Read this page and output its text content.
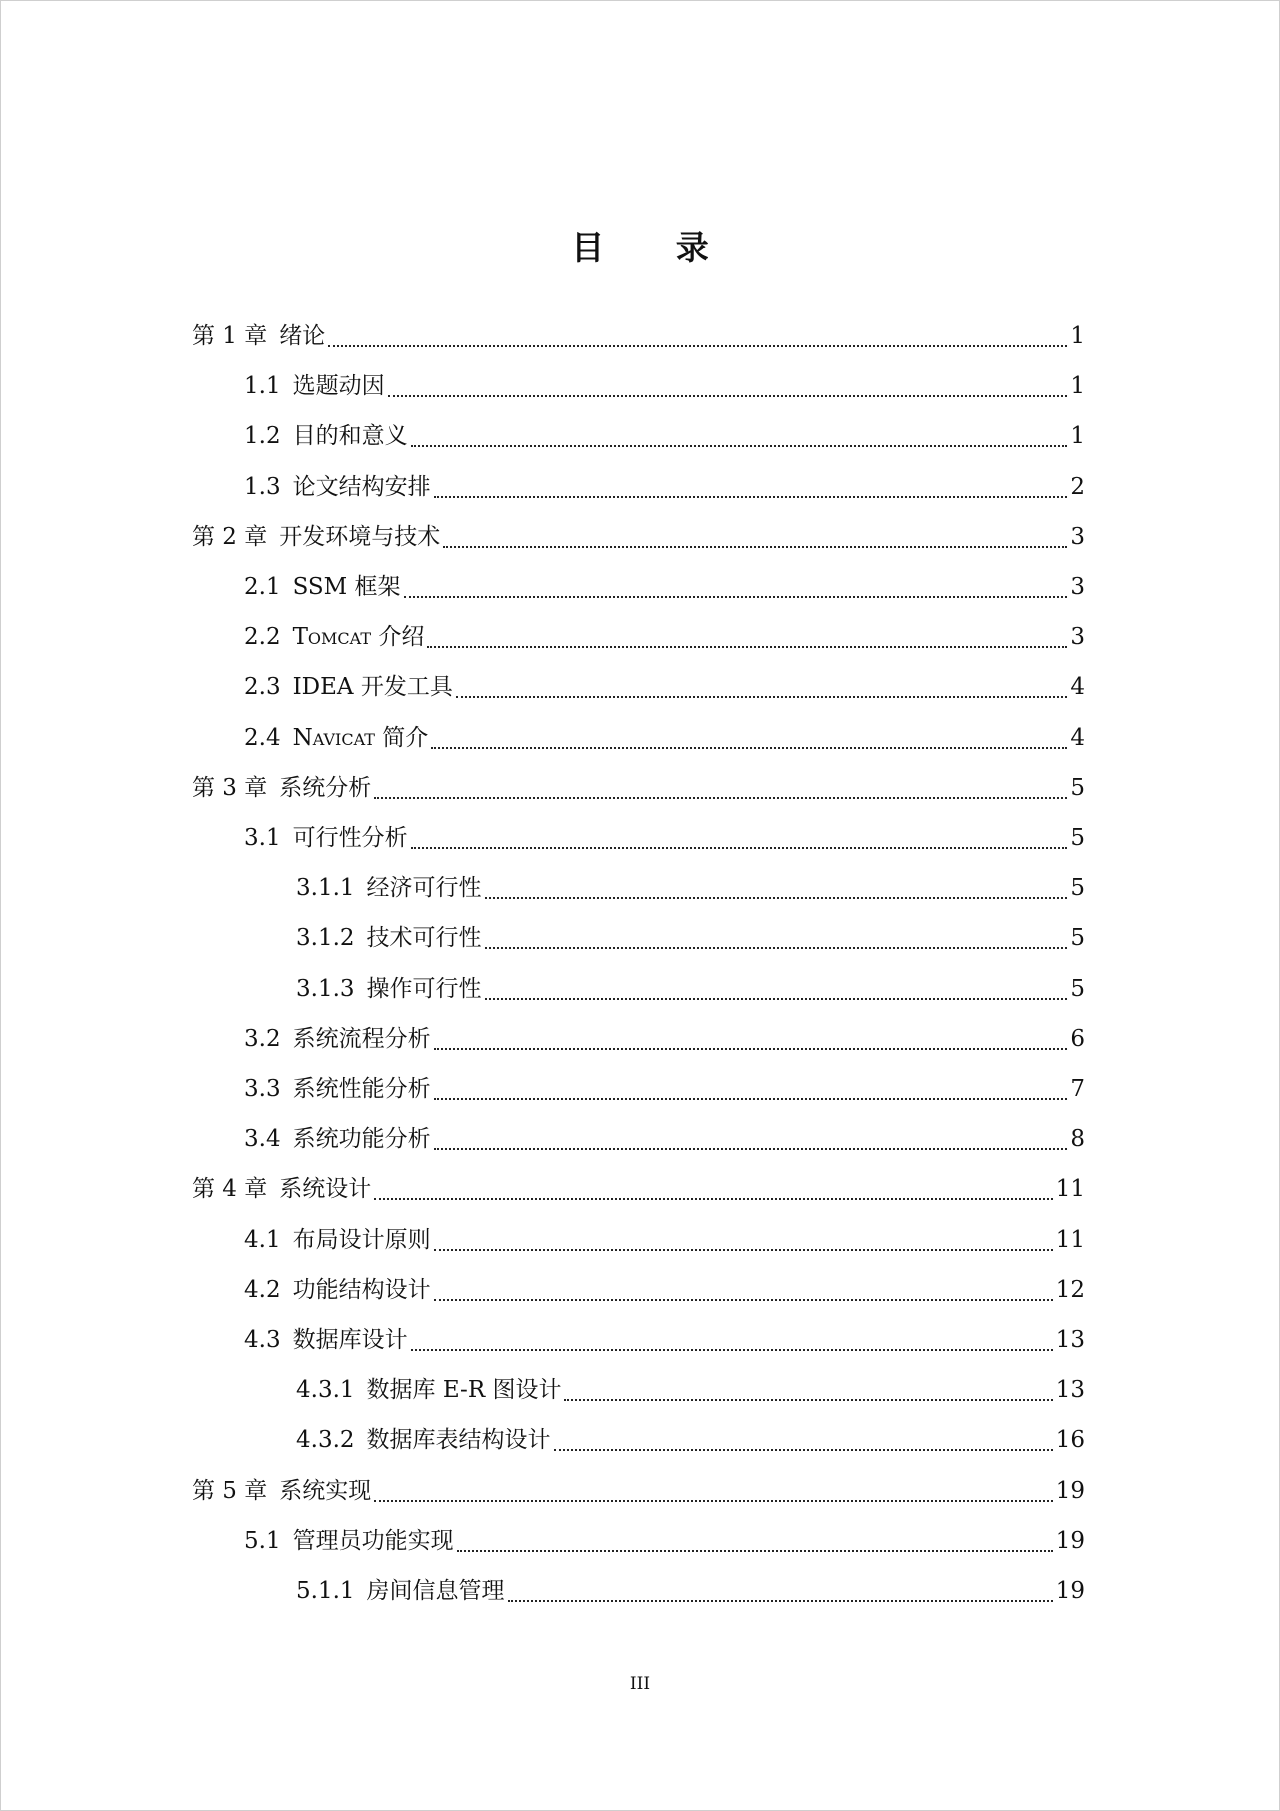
目 录
第 1 章 绪论	1
1.1 选题动因	1
1.2 目的和意义	1
1.3 论文结构安排	2
第 2 章 开发环境与技术	3
2.1 SSM 框架	3
2.2 Tomcat 介绍	3
2.3 IDEA 开发工具	4
2.4 Navicat 简介	4
第 3 章 系统分析	5
3.1 可行性分析	5
3.1.1 经济可行性	5
3.1.2 技术可行性	5
3.1.3 操作可行性	5
3.2 系统流程分析	6
3.3 系统性能分析	7
3.4 系统功能分析	8
第 4 章 系统设计	11
4.1 布局设计原则	11
4.2 功能结构设计	12
4.3 数据库设计	13
4.3.1 数据库 E-R 图设计	13
4.3.2 数据库表结构设计	16
第 5 章 系统实现	19
5.1 管理员功能实现	19
5.1.1 房间信息管理	19
III
